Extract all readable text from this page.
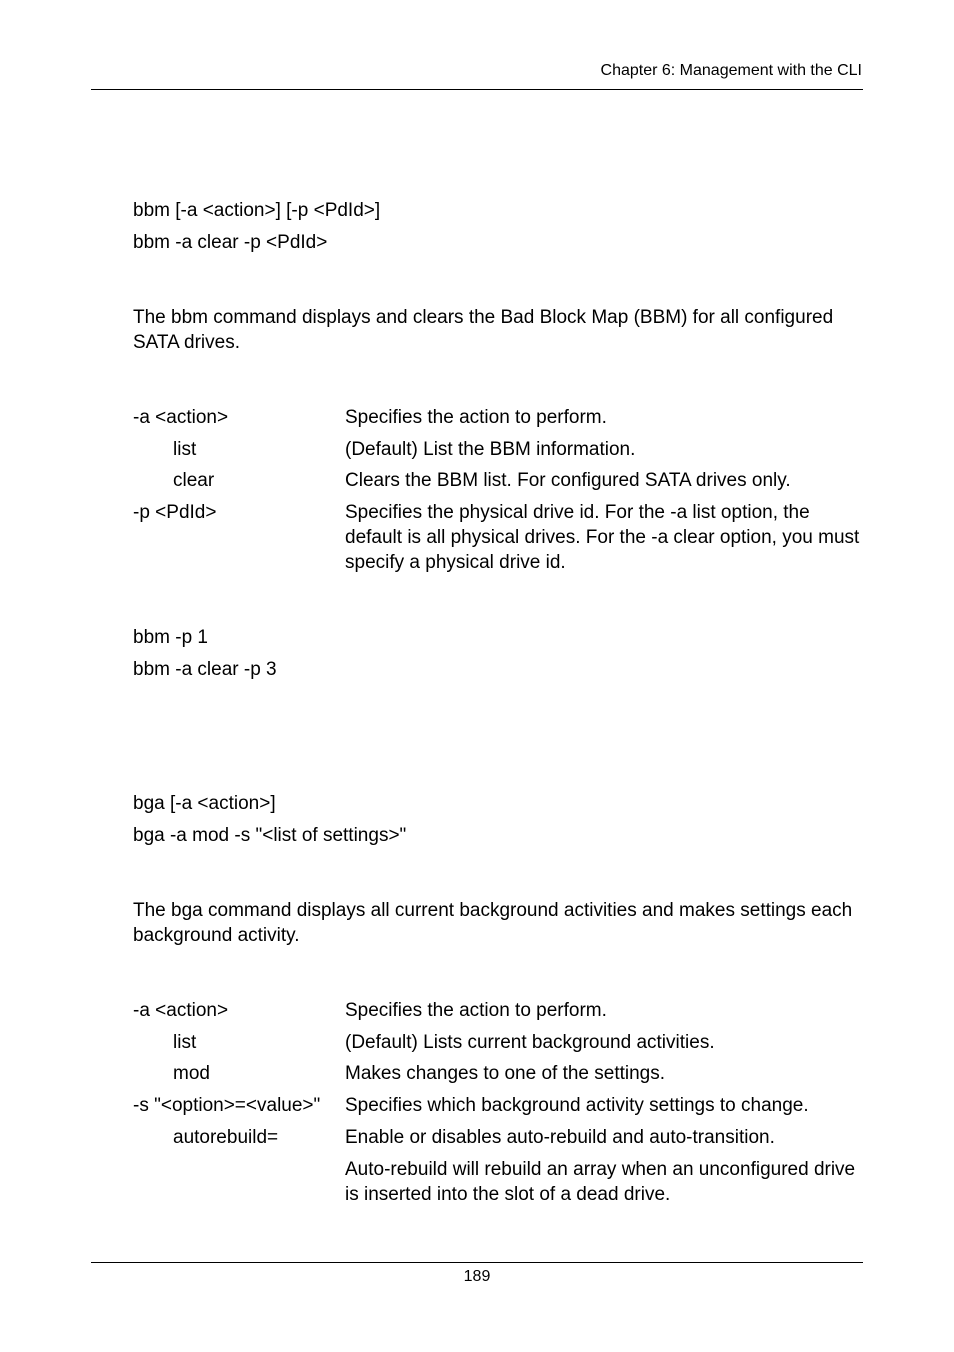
Chapter 6: Management with the CLI
bbm [-a <action>] [-p <PdId>]
bbm -a clear -p <PdId>
The bbm command displays and clears the Bad Block Map (BBM) for all configured SATA drives.
-a <action>	Specifies the action to perform.
list	(Default) List the BBM information.
clear	Clears the BBM list. For configured SATA drives only.
-p <PdId>	Specifies the physical drive id. For the -a list option, the default is all physical drives. For the -a clear option, you must specify a physical drive id.
bbm -p 1
bbm -a clear -p 3
bga [-a <action>]
bga -a mod -s "<list of settings>"
The bga command displays all current background activities and makes settings each background activity.
-a <action>	Specifies the action to perform.
list	(Default) Lists current background activities.
mod	Makes changes to one of the settings.
-s "<option>=<value>" Specifies which background activity settings to change.
autorebuild=	Enable or disables auto-rebuild and auto-transition.
Auto-rebuild will rebuild an array when an unconfigured drive is inserted into the slot of a dead drive.
189
